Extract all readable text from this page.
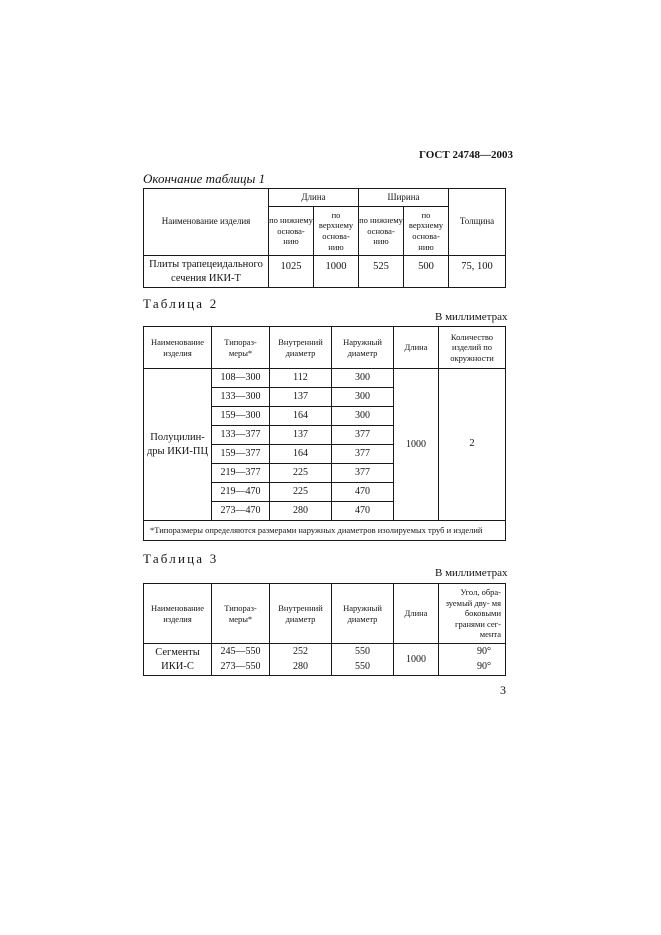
ГОСТ 24748—2003
Окончание таблицы 1
Наименование изделия	Длина		Ширина		Толщина
	по нижнему основа- нию	по верхнему основа- нию	по нижнему основа- нию	по верхнему основа- нию	
Плиты трапецеидального сечения ИКИ-Т	1025	1000	525	500	75, 100
Таблица 2
В миллиметрах
Наименование изделия	Типораз- меры*	Внутренний диаметр	Наружный диаметр	Длина	Количество изделий по окружности
Полуцилин- дры ИКИ-ПЦ	108—300	112	300	1000	2
	133—300	137	300		
	159—300	164	300		
	133—377	137	377		
	159—377	164	377		
	219—377	225	377		
	219—470	225	470		
	273—470	280	470		
*Типоразмеры определяются размерами наружных диаметров изолируемых труб и изделий					
Таблица 3
В миллиметрах
Наименование изделия	Типораз- меры*	Внутренний диаметр	Наружный диаметр	Длина	Угол, обра- зуемый дву- мя боковыми гранями сег- мента
Сегменты ИКИ-С	245—550	252	550	1000	90°
	273—550	280	550		90°
3
